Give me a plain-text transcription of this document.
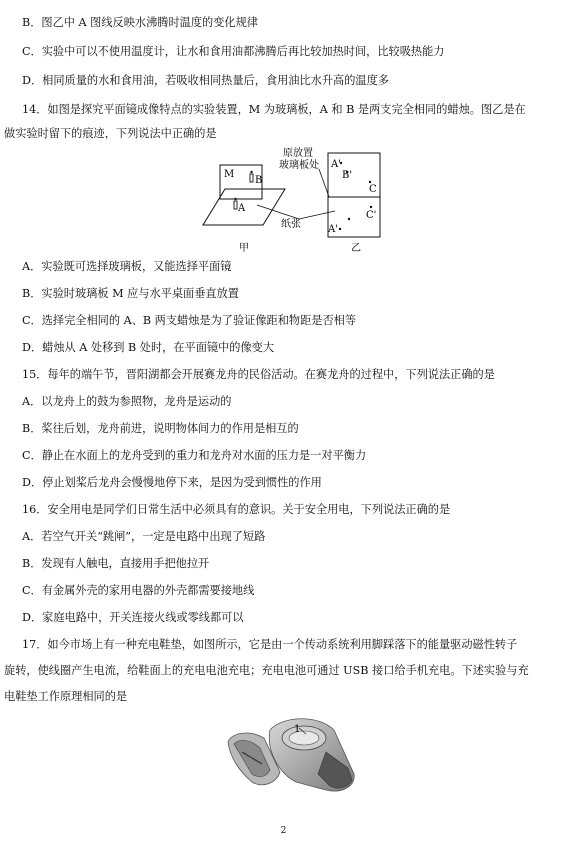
B．图乙中 A 图线反映水沸腾时温度的变化规律
C．实验中可以不使用温度计，让水和食用油都沸腾后再比较加热时间，比较吸热能力
D．相同质量的水和食用油，若吸收相同热量后，食用油比水升高的温度多
14．如图是探究平面镜成像特点的实验装置，M 为玻璃板，A 和 B 是两支完全相同的蜡烛。图乙是在
做实验时留下的痕迹，下列说法中正确的是
M
B
A
纸张
原放置
玻璃板处 A'
B'
C
C'
A'
甲	乙
A．实验既可选择玻璃板，又能选择平面镜
B．实验时玻璃板 M 应与水平桌面垂直放置
C．选择完全相同的 A、B 两支蜡烛是为了验证像距和物距是否相等
D．蜡烛从 A 处移到 B 处时，在平面镜中的像变大
15．每年的端午节，晋阳湖都会开展赛龙舟的民俗活动。在赛龙舟的过程中，下列说法正确的是
A．以龙舟上的鼓为参照物，龙舟是运动的
B．桨往后划，龙舟前进，说明物体间力的作用是相互的
C．静止在水面上的龙舟受到的重力和龙舟对水面的压力是一对平衡力
D．停止划桨后龙舟会慢慢地停下来，是因为受到惯性的作用
16．安全用电是同学们日常生活中必须具有的意识。关于安全用电，下列说法正确的是
A．若空气开关“跳闸”，一定是电路中出现了短路
B．发现有人触电，直接用手把他拉开
C．有金属外壳的家用电器的外壳都需要接地线
D．家庭电路中，开关连接火线或零线都可以
17．如今市场上有一种充电鞋垫，如图所示，它是由一个传动系统利用脚踩落下的能量驱动磁性转子
旋转，使线圈产生电流，给鞋面上的充电电池充电；充电电池可通过 USB 接口给手机充电。下述实验与充
电鞋垫工作原理相同的是
1
2
